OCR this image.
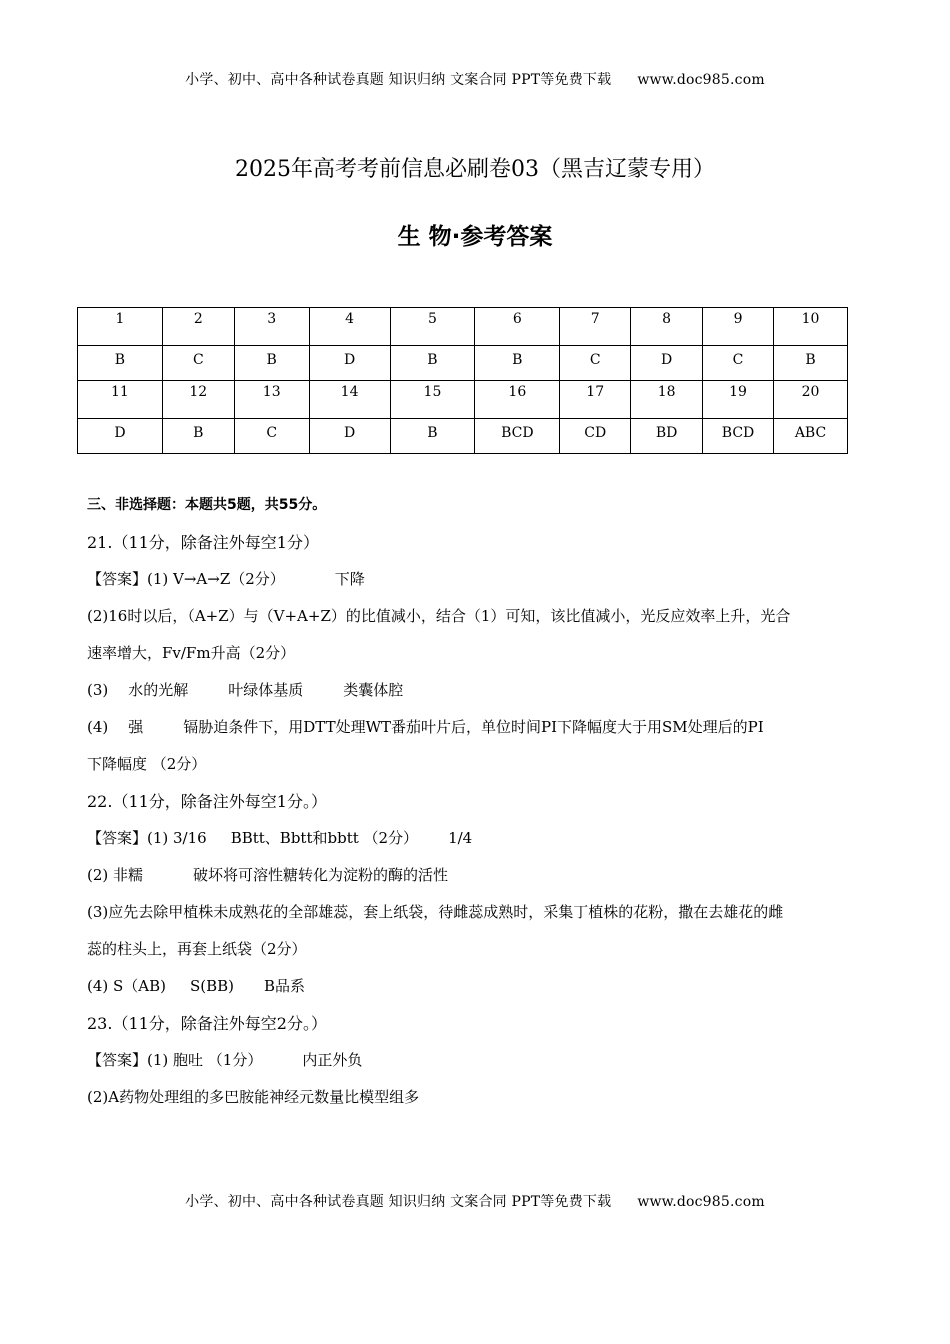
小学、初中、高中各种试卷真题 知识归纳 文案合同 PPT等免费下载 www.doc985.com
2025年高考考前信息必刷卷03（黑吉辽蒙专用）
生 物·参考答案
1	2	3	4	5	6	7	8	9	10
B	C	B	D	B	B	C	D	C	B
11	12	13	14	15	16	17	18	19	20
D	B	C	D	B	BCD	CD	BD	BCD	ABC
三、非选择题：本题共5题，共55分。
21.（11分，除备注外每空1分）
【答案】(1) V→A→Z（2分）	下降
(2)16时以后，（A+Z）与（V+A+Z）的比值减小，结合（1）可知，该比值减小，光反应效率上升，光合
速率增大，Fv/Fm升高（2分）
(3) 水的光解	叶绿体基质	类囊体腔
(4) 强	镉胁迫条件下，用DTT处理WT番茄叶片后，单位时间PI下降幅度大于用SM处理后的PI
下降幅度 （2分）
22.（11分，除备注外每空1分。）
【答案】(1) 3/16 BBtt、Bbtt和bbtt （2分） 1/4
(2) 非糯	破坏将可溶性糖转化为淀粉的酶的活性
(3)应先去除甲植株未成熟花的全部雄蕊，套上纸袋，待雌蕊成熟时，采集丁植株的花粉，撒在去雄花的雌
蕊的柱头上，再套上纸袋（2分）
(4) S（AB) S(BB) B品系
23.（11分，除备注外每空2分。）
【答案】(1) 胞吐 （1分）	内正外负
(2)A药物处理组的多巴胺能神经元数量比模型组多
小学、初中、高中各种试卷真题 知识归纳 文案合同 PPT等免费下载 www.doc985.com
